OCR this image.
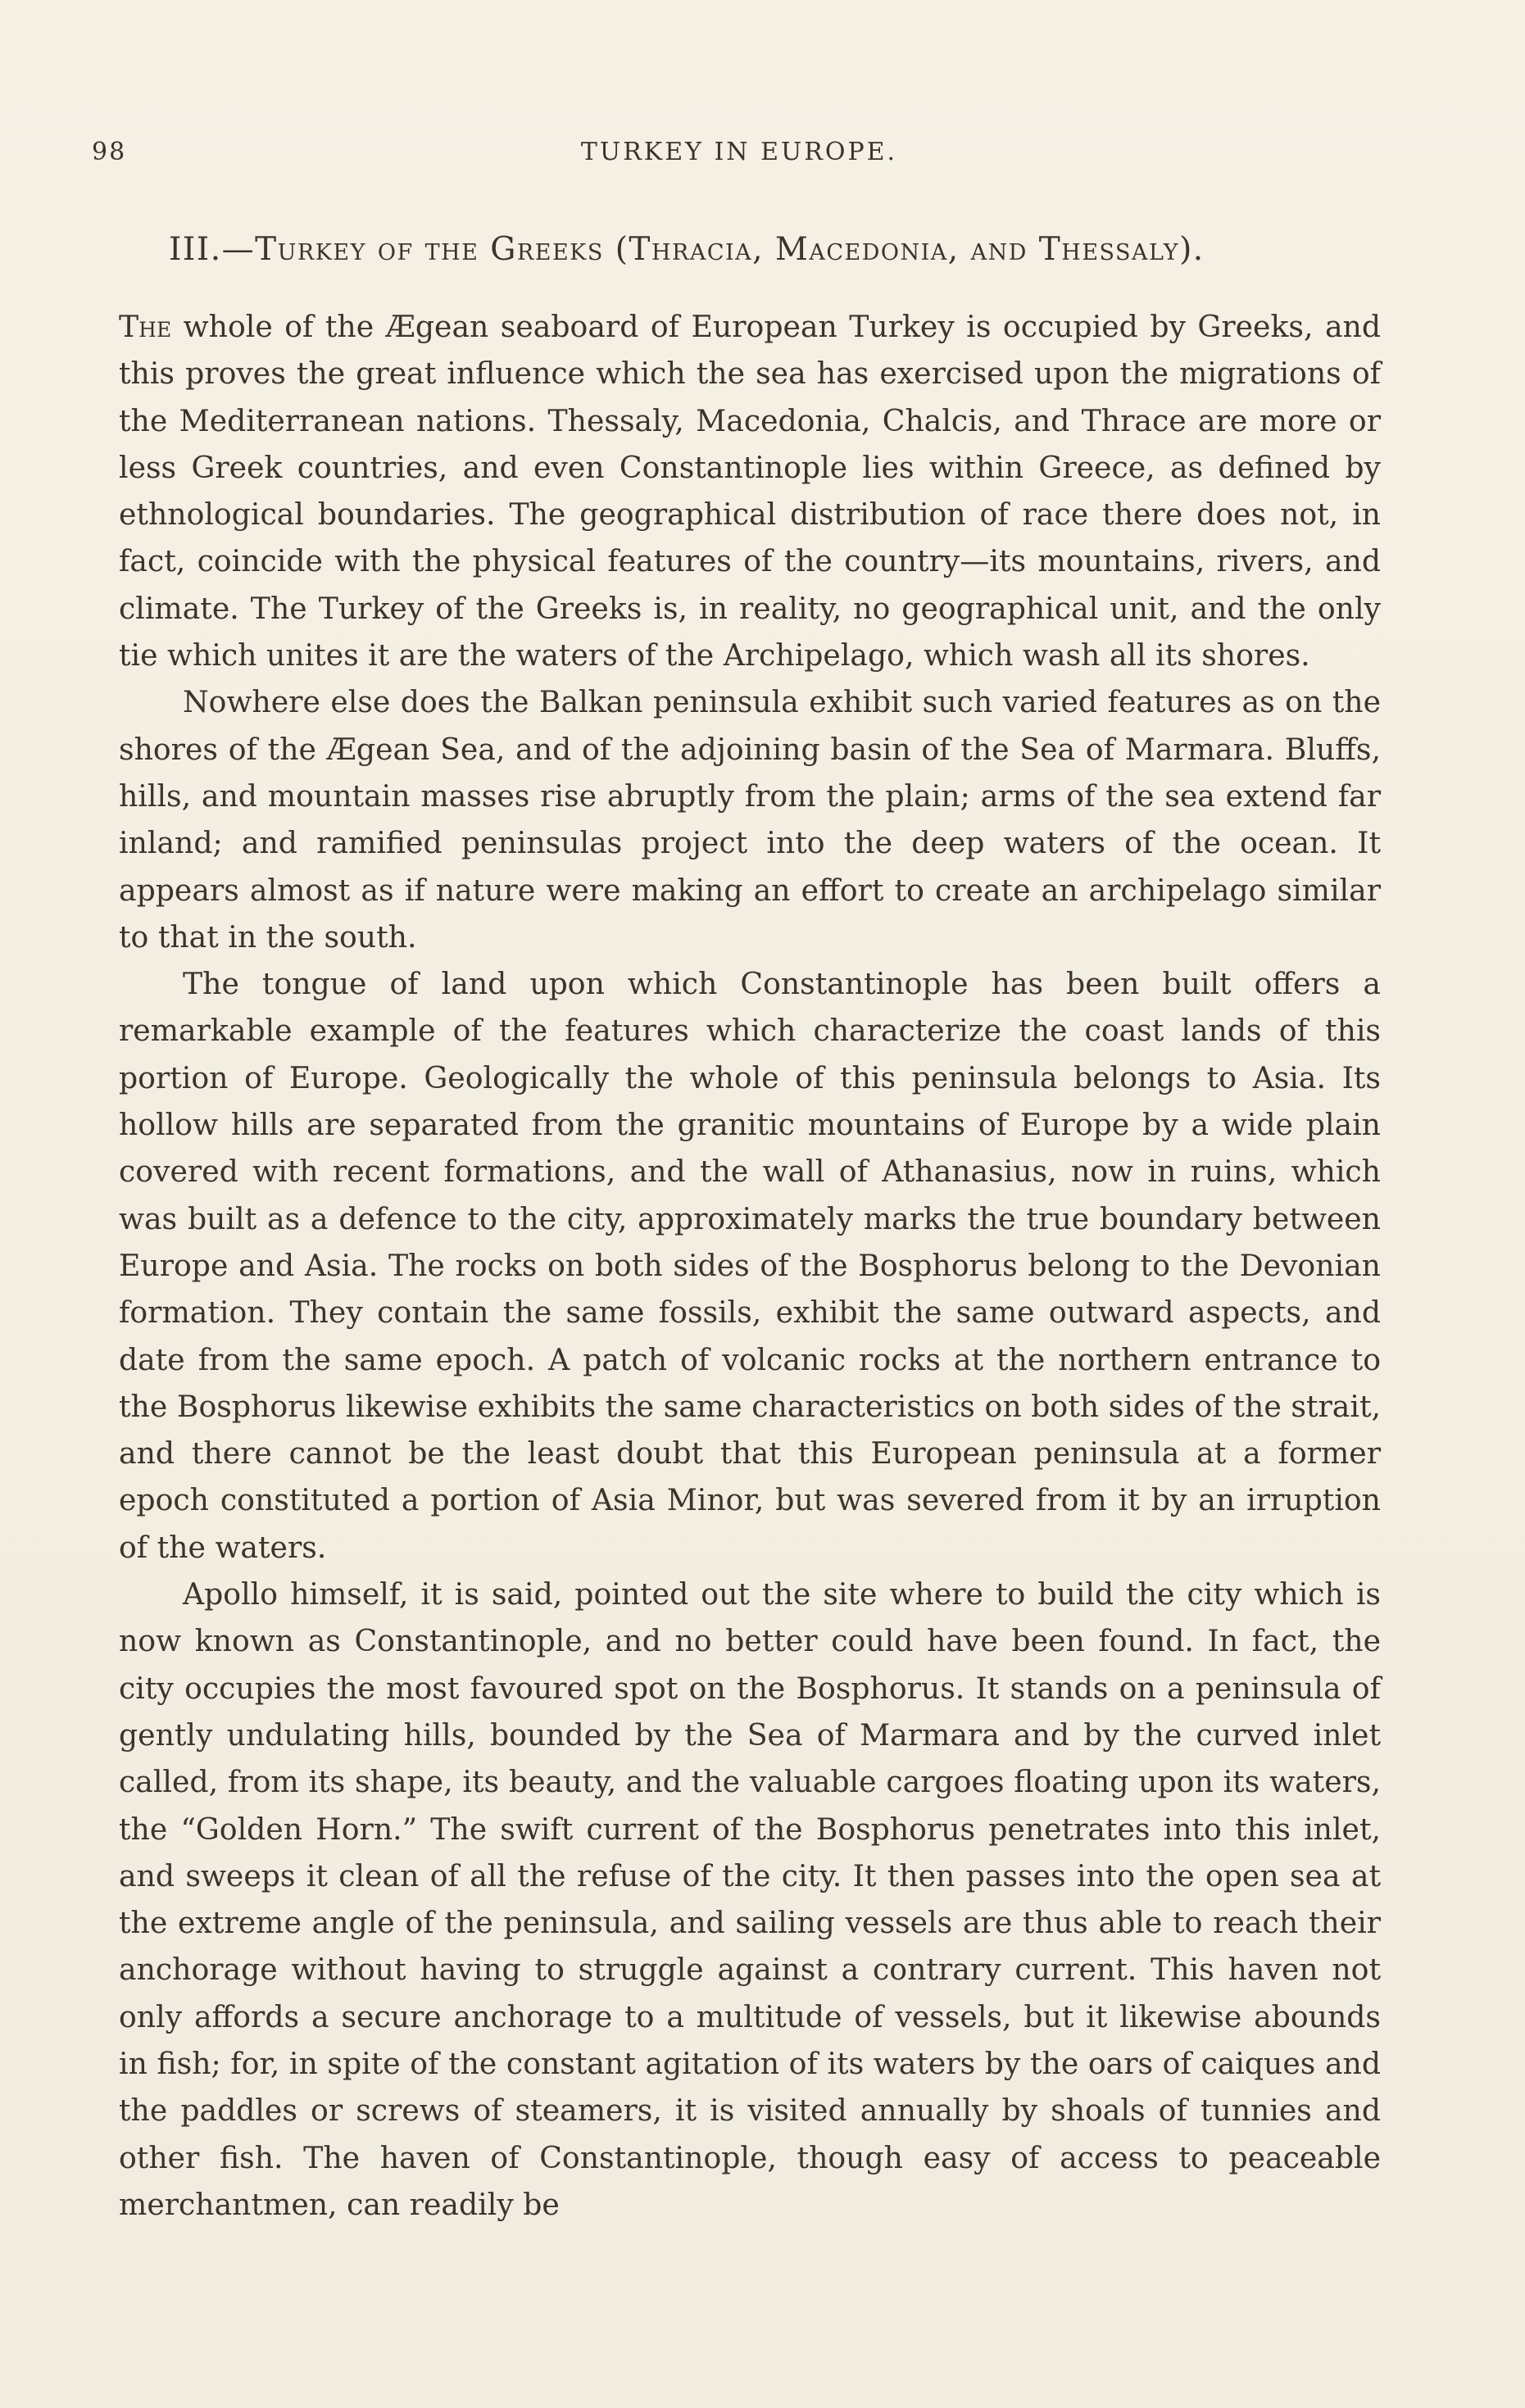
98	TURKEY IN EUROPE.
III.—Turkey of the Greeks (Thracia, Macedonia, and Thessaly).

The whole of the Ægean seaboard of European Turkey is occupied by Greeks, and this proves the great influence which the sea has exercised upon the migrations of the Mediterranean nations. Thessaly, Macedonia, Chalcis, and Thrace are more or less Greek countries, and even Constantinople lies within Greece, as defined by ethnological boundaries. The geographical distribution of race there does not, in fact, coincide with the physical features of the country—its mountains, rivers, and climate. The Turkey of the Greeks is, in reality, no geographical unit, and the only tie which unites it are the waters of the Archipelago, which wash all its shores.

Nowhere else does the Balkan peninsula exhibit such varied features as on the shores of the Ægean Sea, and of the adjoining basin of the Sea of Marmara. Bluffs, hills, and mountain masses rise abruptly from the plain; arms of the sea extend far inland; and ramified peninsulas project into the deep waters of the ocean. It appears almost as if nature were making an effort to create an archipelago similar to that in the south.

The tongue of land upon which Constantinople has been built offers a remarkable example of the features which characterize the coast lands of this portion of Europe. Geologically the whole of this peninsula belongs to Asia. Its hollow hills are separated from the granitic mountains of Europe by a wide plain covered with recent formations, and the wall of Athanasius, now in ruins, which was built as a defence to the city, approximately marks the true boundary between Europe and Asia. The rocks on both sides of the Bosphorus belong to the Devonian formation. They contain the same fossils, exhibit the same outward aspects, and date from the same epoch. A patch of volcanic rocks at the northern entrance to the Bosphorus likewise exhibits the same characteristics on both sides of the strait, and there cannot be the least doubt that this European peninsula at a former epoch constituted a portion of Asia Minor, but was severed from it by an irruption of the waters.

Apollo himself, it is said, pointed out the site where to build the city which is now known as Constantinople, and no better could have been found. In fact, the city occupies the most favoured spot on the Bosphorus. It stands on a peninsula of gently undulating hills, bounded by the Sea of Marmara and by the curved inlet called, from its shape, its beauty, and the valuable cargoes floating upon its waters, the “Golden Horn.” The swift current of the Bosphorus penetrates into this inlet, and sweeps it clean of all the refuse of the city. It then passes into the open sea at the extreme angle of the peninsula, and sailing vessels are thus able to reach their anchorage without having to struggle against a contrary current. This haven not only affords a secure anchorage to a multitude of vessels, but it likewise abounds in fish; for, in spite of the constant agitation of its waters by the oars of caiques and the paddles or screws of steamers, it is visited annually by shoals of tunnies and other fish. The haven of Constantinople, though easy of access to peaceable merchantmen, can readily be
